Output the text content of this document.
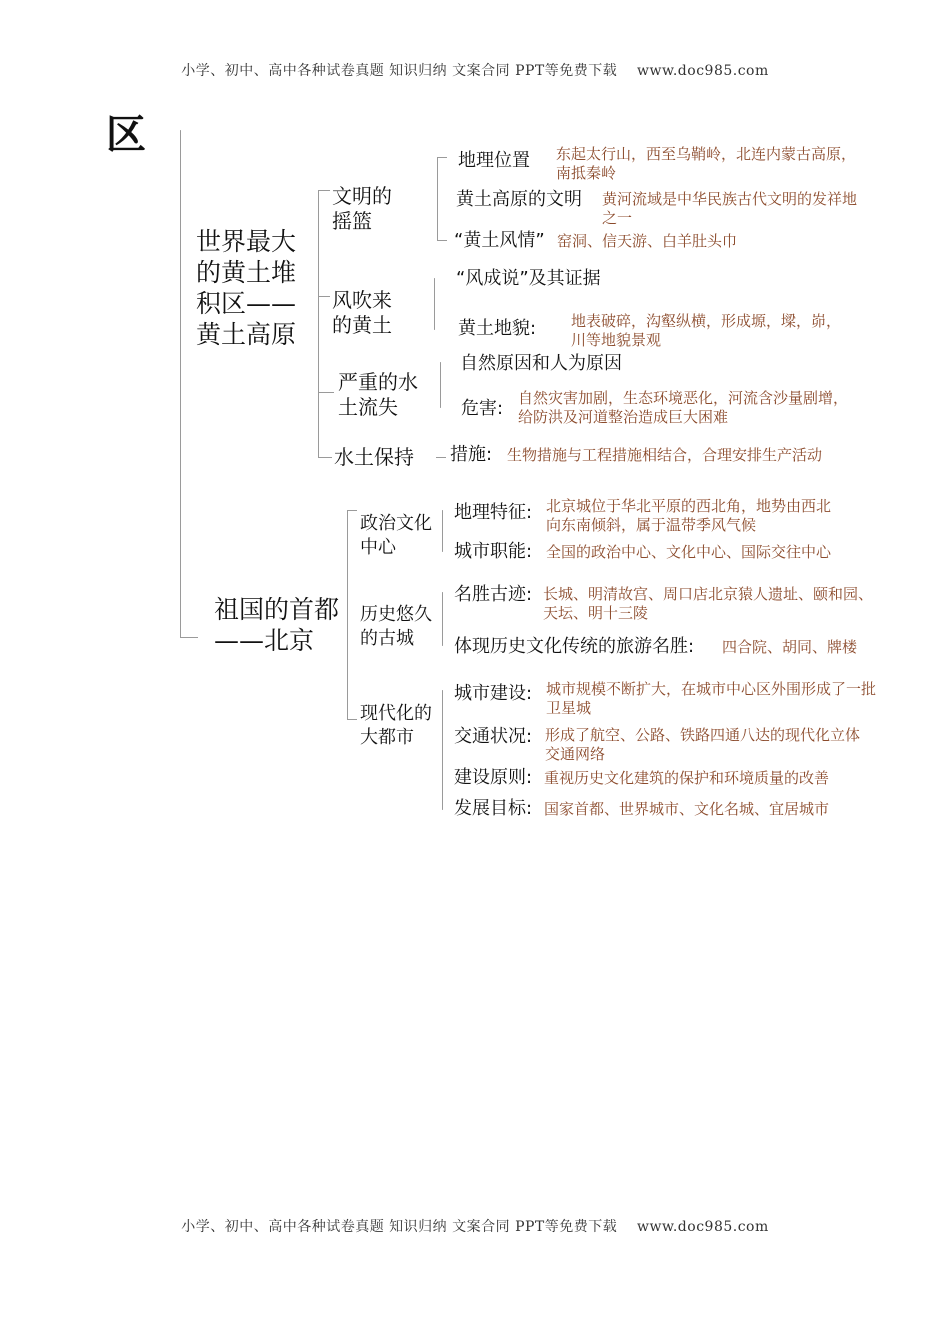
小学、初中、高中各种试卷真题 知识归纳 文案合同 PPT等免费下载    www.doc985.com
小学、初中、高中各种试卷真题 知识归纳 文案合同 PPT等免费下载    www.doc985.com
区
世界最大
的黄土堆
积区——
黄土高原
文明的
摇篮
地理位置 东起太行山，西至乌鞘岭，北连内蒙古高原，
南抵秦岭
黄土高原的文明 黄河流域是中华民族古代文明的发祥地
之一
“黄土风情” 窑洞、信天游、白羊肚头巾
风吹来
的黄土
“风成说”及其证据
黄土地貌: 地表破碎，沟壑纵横，形成塬，墚，峁，
川等地貌景观
严重的水
土流失
自然原因和人为原因
危害: 自然灾害加剧，生态环境恶化，河流含沙量剧增，
给防洪及河道整治造成巨大困难
水土保持 措施: 生物措施与工程措施相结合，合理安排生产活动
祖国的首都
——北京
政治文化
中心
地理特征: 北京城位于华北平原的西北角，地势由西北
向东南倾斜，属于温带季风气候
城市职能: 全国的政治中心、文化中心、国际交往中心
历史悠久
的古城
名胜古迹: 长城、明清故宫、周口店北京猿人遗址、颐和园、
天坛、明十三陵
体现历史文化传统的旅游名胜: 四合院、胡同、牌楼
现代化的
大都市
城市建设: 城市规模不断扩大，在城市中心区外围形成了一批
卫星城
交通状况: 形成了航空、公路、铁路四通八达的现代化立体
交通网络
建设原则: 重视历史文化建筑的保护和环境质量的改善
发展目标: 国家首都、世界城市、文化名城、宜居城市
